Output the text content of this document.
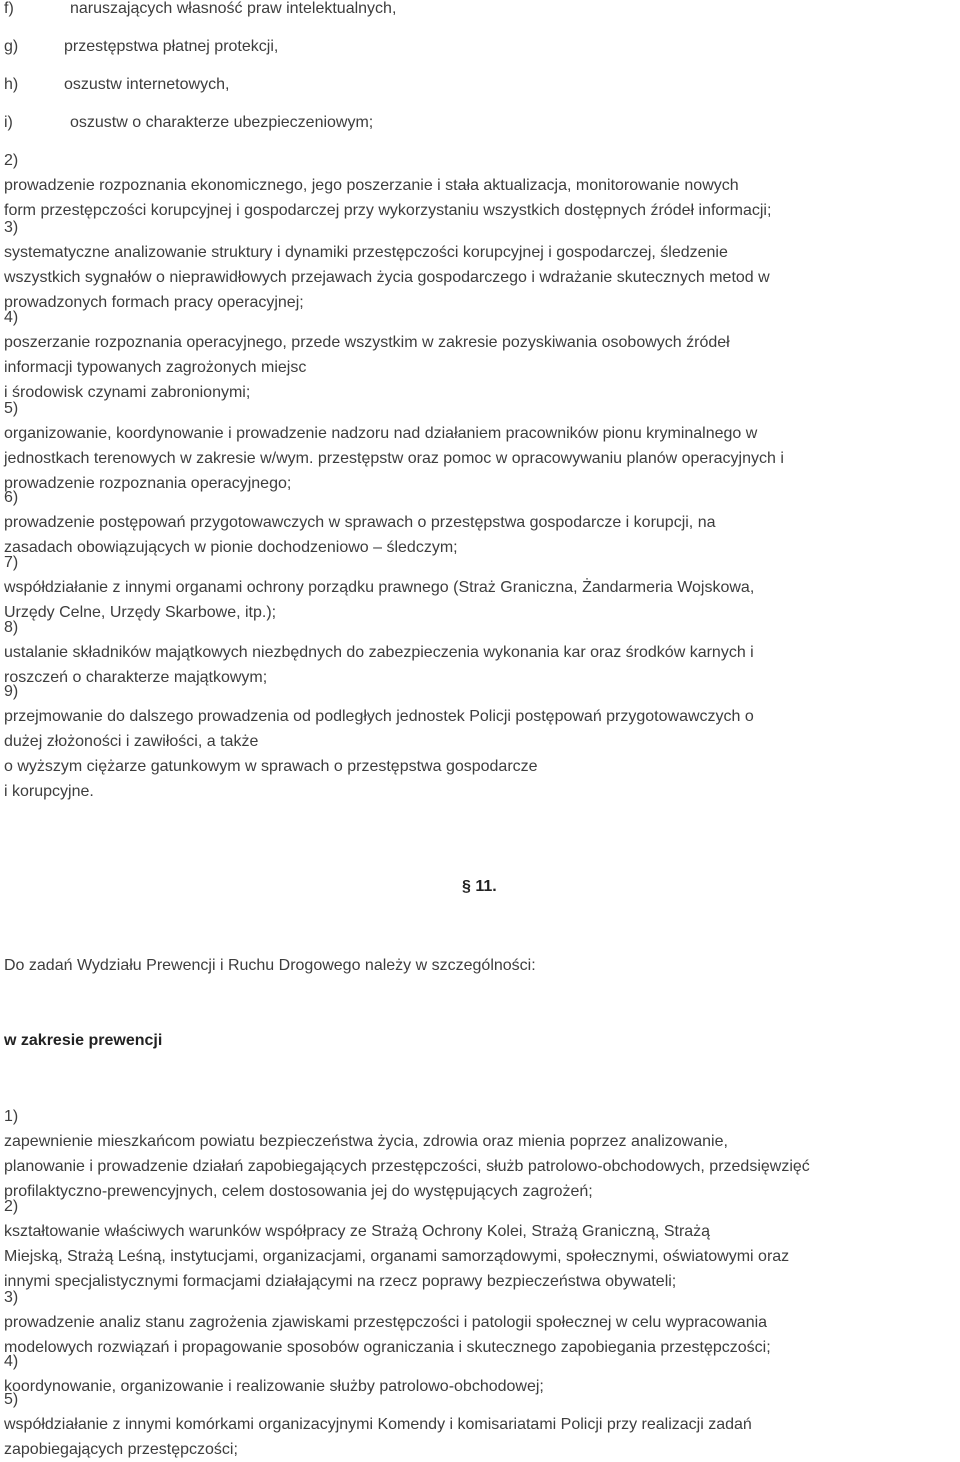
f)	naruszających własność praw intelektualnych,
g)	przestępstwa płatnej protekcji,
h)	oszustw internetowych,
i)	oszustw o charakterze ubezpieczeniowym;
2)
prowadzenie rozpoznania ekonomicznego, jego poszerzanie i stała aktualizacja, monitorowanie nowych
form przestępczości korupcyjnej i gospodarczej przy wykorzystaniu wszystkich dostępnych źródeł informacji;
3)
systematyczne analizowanie struktury i dynamiki przestępczości korupcyjnej i gospodarczej, śledzenie
wszystkich sygnałów o nieprawidłowych przejawach życia gospodarczego i wdrażanie skutecznych metod w
prowadzonych formach pracy operacyjnej;
4)
poszerzanie rozpoznania operacyjnego, przede wszystkim w zakresie pozyskiwania osobowych źródeł
informacji typowanych zagrożonych miejsc
i środowisk czynami zabronionymi;
5)
organizowanie, koordynowanie i prowadzenie nadzoru nad działaniem pracowników pionu kryminalnego w
jednostkach terenowych w zakresie w/wym. przestępstw oraz pomoc w opracowywaniu planów operacyjnych i
prowadzenie rozpoznania operacyjnego;
6)
prowadzenie postępowań przygotowawczych w sprawach o przestępstwa gospodarcze i korupcji, na
zasadach obowiązujących w pionie dochodzeniowo – śledczym;
7)
współdziałanie z innymi organami ochrony porządku prawnego (Straż Graniczna, Żandarmeria Wojskowa,
Urzędy Celne, Urzędy Skarbowe, itp.);
8)
ustalanie składników majątkowych niezbędnych do zabezpieczenia wykonania kar oraz środków karnych i
roszczeń o charakterze majątkowym;
9)
przejmowanie do dalszego prowadzenia od podległych jednostek Policji postępowań przygotowawczych o
dużej złożoności i zawiłości, a także
o wyższym ciężarze gatunkowym w sprawach o przestępstwa gospodarcze
i korupcyjne.
§ 11.
Do zadań Wydziału Prewencji i Ruchu Drogowego należy w szczególności:
w zakresie prewencji
1)
zapewnienie mieszkańcom powiatu bezpieczeństwa życia, zdrowia oraz mienia poprzez analizowanie,
planowanie i prowadzenie działań zapobiegających przestępczości, służb patrolowo-obchodowych, przedsięwzięć
profilaktyczno-prewencyjnych, celem dostosowania jej do występujących zagrożeń;
2)
kształtowanie właściwych warunków współpracy ze Strażą Ochrony Kolei, Strażą Graniczną, Strażą
Miejską, Strażą Leśną, instytucjami, organizacjami, organami samorządowymi, społecznymi, oświatowymi oraz
innymi specjalistycznymi formacjami działającymi na rzecz poprawy bezpieczeństwa obywateli;
3)
prowadzenie analiz stanu zagrożenia zjawiskami przestępczości i patologii społecznej w celu wypracowania
modelowych rozwiązań i propagowanie sposobów ograniczania i skutecznego zapobiegania przestępczości;
4)
koordynowanie, organizowanie i realizowanie służby patrolowo-obchodowej;
5)
współdziałanie z innymi komórkami organizacyjnymi Komendy i komisariatami Policji przy realizacji zadań
zapobiegających przestępczości;
